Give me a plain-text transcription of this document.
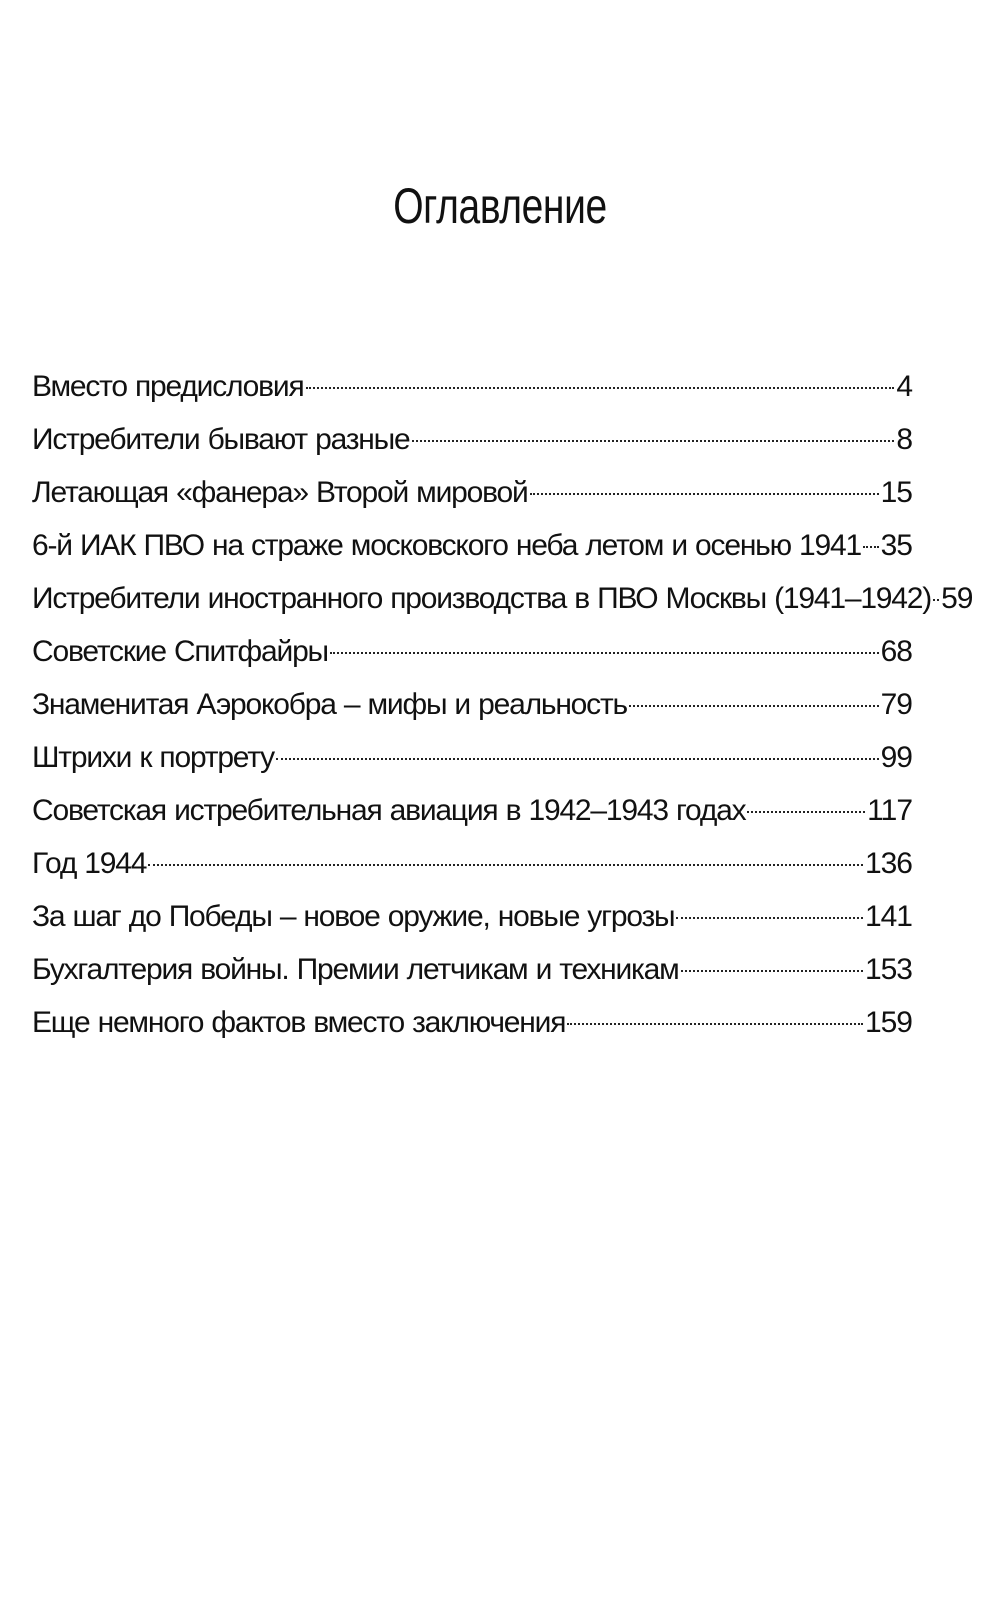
Оглавление
Вместо предисловия	4
Истребители бывают разные	8
Летающая «фанера» Второй мировой	15
6-й ИАК ПВО на страже московского неба летом и осенью 1941 35
Истребители иностранного производства в ПВО Москвы (1941–1942) 59
Советские Спитфайры	68
Знаменитая Аэрокобра – мифы и реальность	79
Штрихи к портрету	99
Советская истребительная авиация в 1942–1943 годах	117
Год 1944	136
За шаг до Победы – новое оружие, новые угрозы	141
Бухгалтерия войны. Премии летчикам и техникам	153
Еще немного фактов вместо заключения	159
